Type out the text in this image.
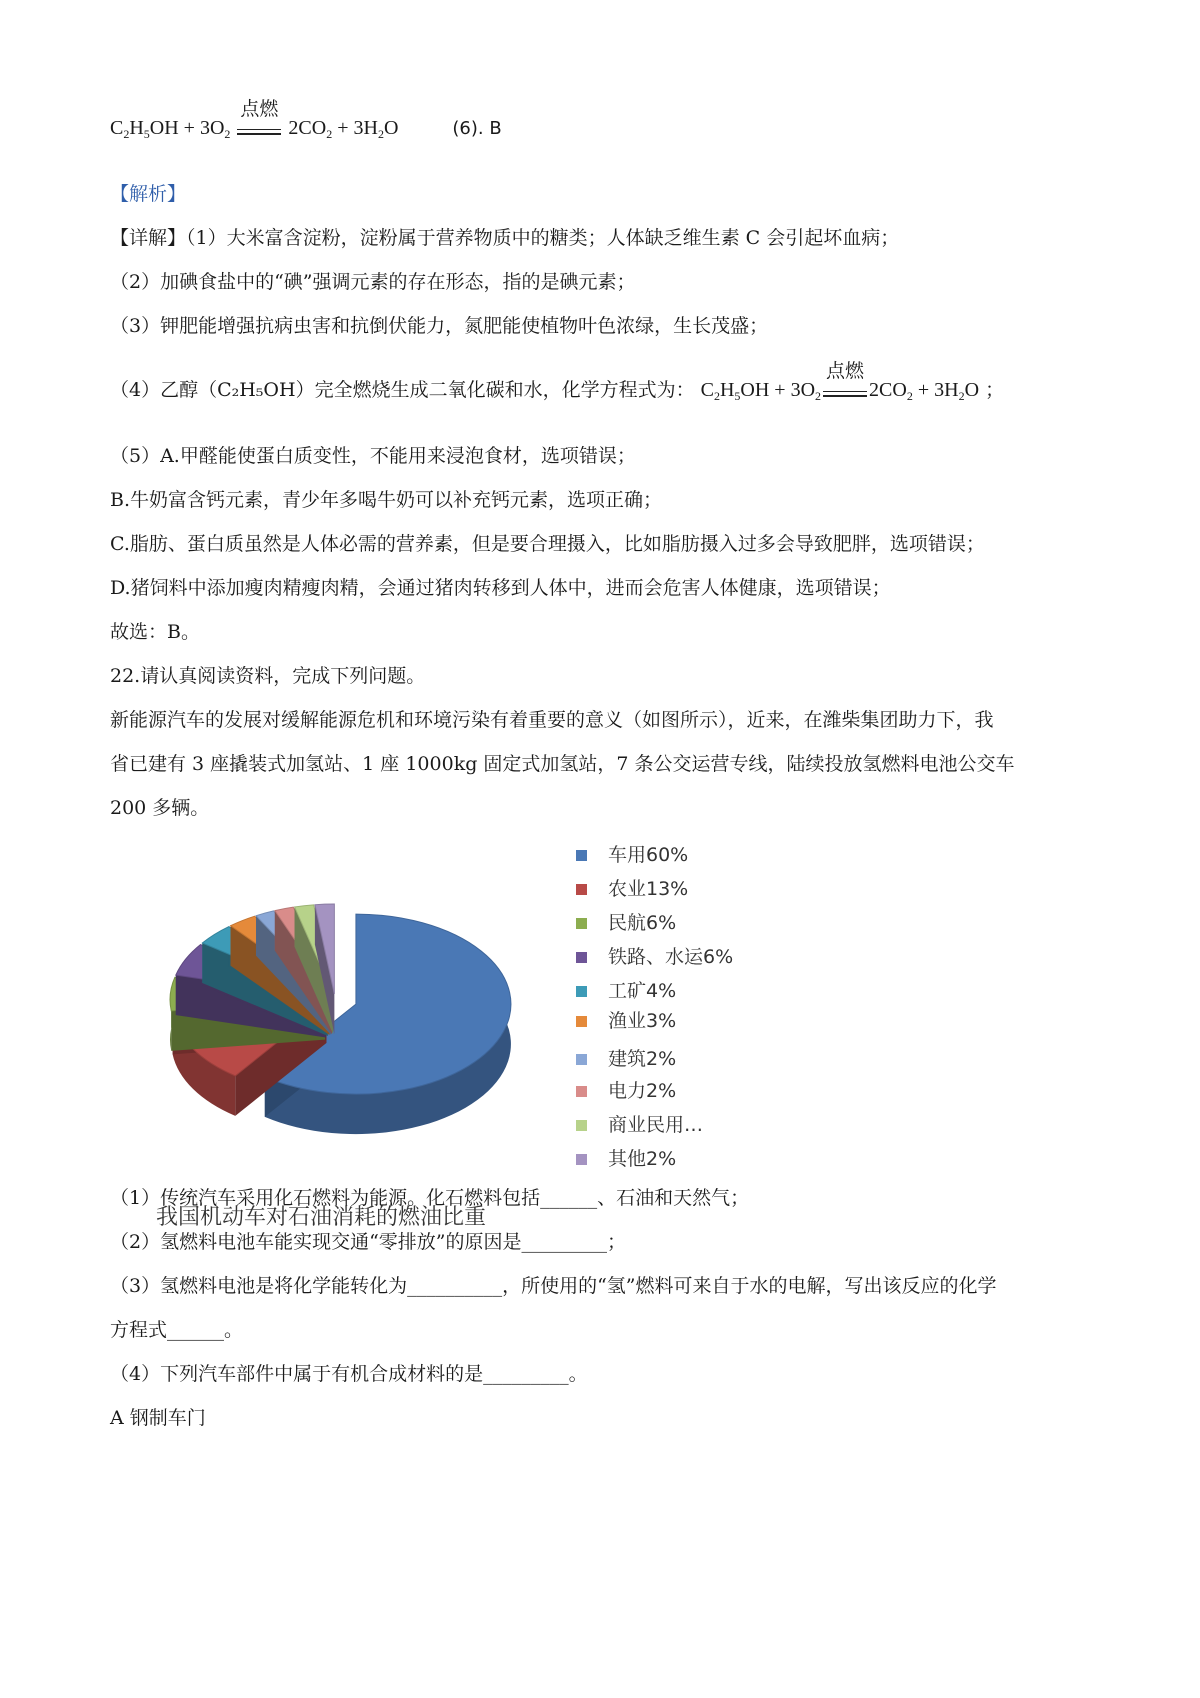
$C_2H_5OH + 3O_2$
点燃
$2CO_2 + 3H_2O$	(6). B
【解析】
【详解】（1）大米富含淀粉，淀粉属于营养物质中的糖类；人体缺乏维生素 C 会引起坏血病；
（2）加碘食盐中的“碘”强调元素的存在形态，指的是碘元素；
（3）钾肥能增强抗病虫害和抗倒伏能力，氮肥能使植物叶色浓绿，生长茂盛；
（4）乙醇（C₂H₅OH）完全燃烧生成二氧化碳和水，化学方程式为： $C_2H_5OH + 3O_2$
点燃
$2CO_2 + 3H_2O$ ；
（5）A.甲醛能使蛋白质变性，不能用来浸泡食材，选项错误；
B.牛奶富含钙元素，青少年多喝牛奶可以补充钙元素，选项正确；
C.脂肪、蛋白质虽然是人体必需的营养素，但是要合理摄入，比如脂肪摄入过多会导致肥胖，选项错误；
D.猪饲料中添加瘦肉精瘦肉精，会通过猪肉转移到人体中，进而会危害人体健康，选项错误；
故选：B。
22.请认真阅读资料，完成下列问题。
新能源汽车的发展对缓解能源危机和环境污染有着重要的意义（如图所示），近来，在潍柴集团助力下，我
省已建有 3 座撬装式加氢站、1 座 1000kg 固定式加氢站，7 条公交运营专线，陆续投放氢燃料电池公交车
200 多辆。
我国机动车对石油消耗的燃油比重
车用60%
农业13%
民航6%
铁路、水运6%
工矿4%
渔业3%
建筑2%
电力2%
商业民用…
其他2%
（1）传统汽车采用化石燃料为能源。化石燃料包括______、石油和天然气；
（2）氢燃料电池车能实现交通“零排放”的原因是_________；
（3）氢燃料电池是将化学能转化为__________，所使用的“氢”燃料可来自于水的电解，写出该反应的化学
方程式______。
（4）下列汽车部件中属于有机合成材料的是_________。
A 钢制车门
